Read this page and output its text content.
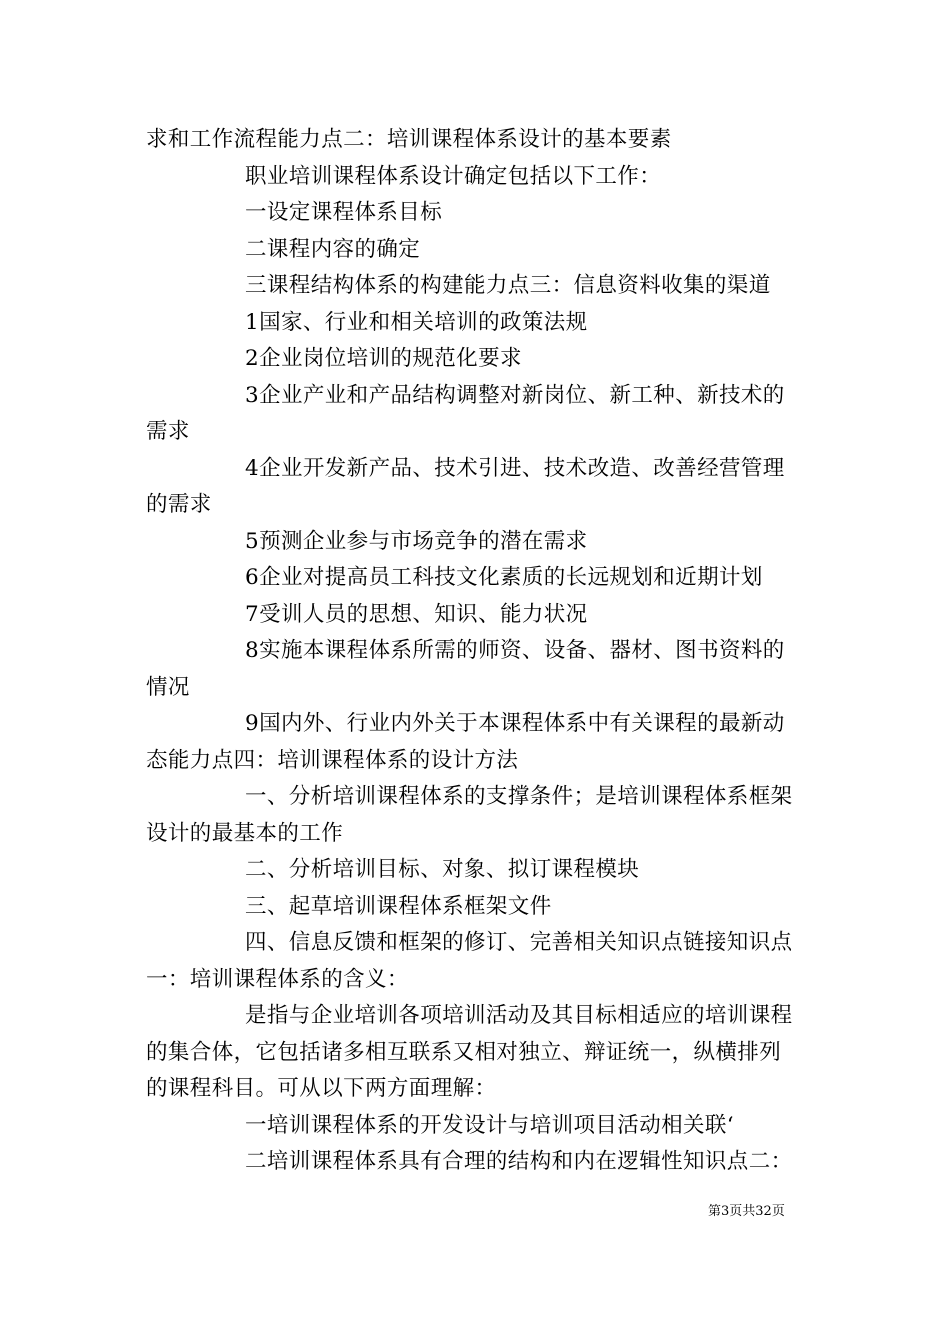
求和工作流程能力点二：培训课程体系设计的基本要素
职业培训课程体系设计确定包括以下工作：
一设定课程体系目标
二课程内容的确定
三课程结构体系的构建能力点三：信息资料收集的渠道
1国家、行业和相关培训的政策法规
2企业岗位培训的规范化要求
3企业产业和产品结构调整对新岗位、新工种、新技术的
需求
4企业开发新产品、技术引进、技术改造、改善经营管理
的需求
5预测企业参与市场竞争的潜在需求
6企业对提高员工科技文化素质的长远规划和近期计划
7受训人员的思想、知识、能力状况
8实施本课程体系所需的师资、设备、器材、图书资料的
情况
9国内外、行业内外关于本课程体系中有关课程的最新动
态能力点四：培训课程体系的设计方法
一、分析培训课程体系的支撑条件；是培训课程体系框架
设计的最基本的工作
二、分析培训目标、对象、拟订课程模块
三、起草培训课程体系框架文件
四、信息反馈和框架的修订、完善相关知识点链接知识点
一：培训课程体系的含义：
是指与企业培训各项培训活动及其目标相适应的培训课程
的集合体，它包括诸多相互联系又相对独立、辩证统一，纵横排列
的课程科目。可从以下两方面理解：
一培训课程体系的开发设计与培训项目活动相关联‘
二培训课程体系具有合理的结构和内在逻辑性知识点二：
第3页共32页
